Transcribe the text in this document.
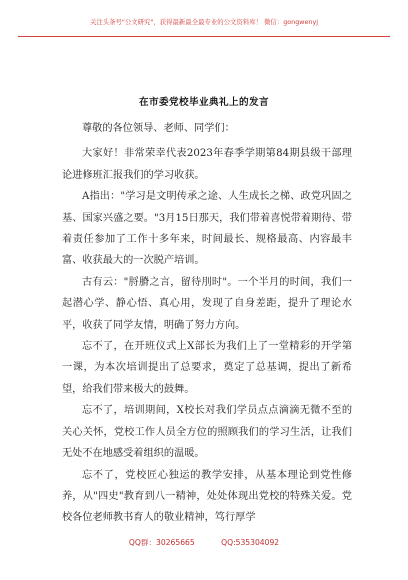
关注头条号"公文研究"，获得最新最全最专业的公文资料库！ 微信：gongwenyj
在市委党校毕业典礼上的发言

尊敬的各位领导、老师、同学们：

大家好！非常荣幸代表2023年春季学期第84期县级干部理论进修班汇报我们的学习收获。

A指出："学习是文明传承之途、人生成长之梯、政党巩固之基、国家兴盛之要。"3月15日那天，我们带着喜悦带着期待、带着责任参加了工作十多年来，时间最长、规格最高、内容最丰富、收获最大的一次脱产培训。

古有云："脟膌之言，留待刖时"。一个半月的时间，我们一起潜心学、静心悟、真心用，发现了自身差距，提升了理论水平，收获了同学友情，明确了努力方向。

忘不了，在开班仪式上X部长为我们上了一堂精彩的开学第一课，为本次培训提出了总要求，奠定了总基调，提出了新希望，给我们带来极大的鼓舞。

忘不了，培训期间，X校长对我们学员点点滴滴无微不至的关心关怀，党校工作人员全方位的照顾我们的学习生活，让我们无处不在地感受着组织的温暖。

忘不了，党校匠心独运的教学安排，从基本理论到党性修养，从"四史"教育到八一精神，处处体现出党校的特殊关爱。党校各位老师教书育人的敬业精神，笃行厚学

QQ群：30265665	QQ:535304092
